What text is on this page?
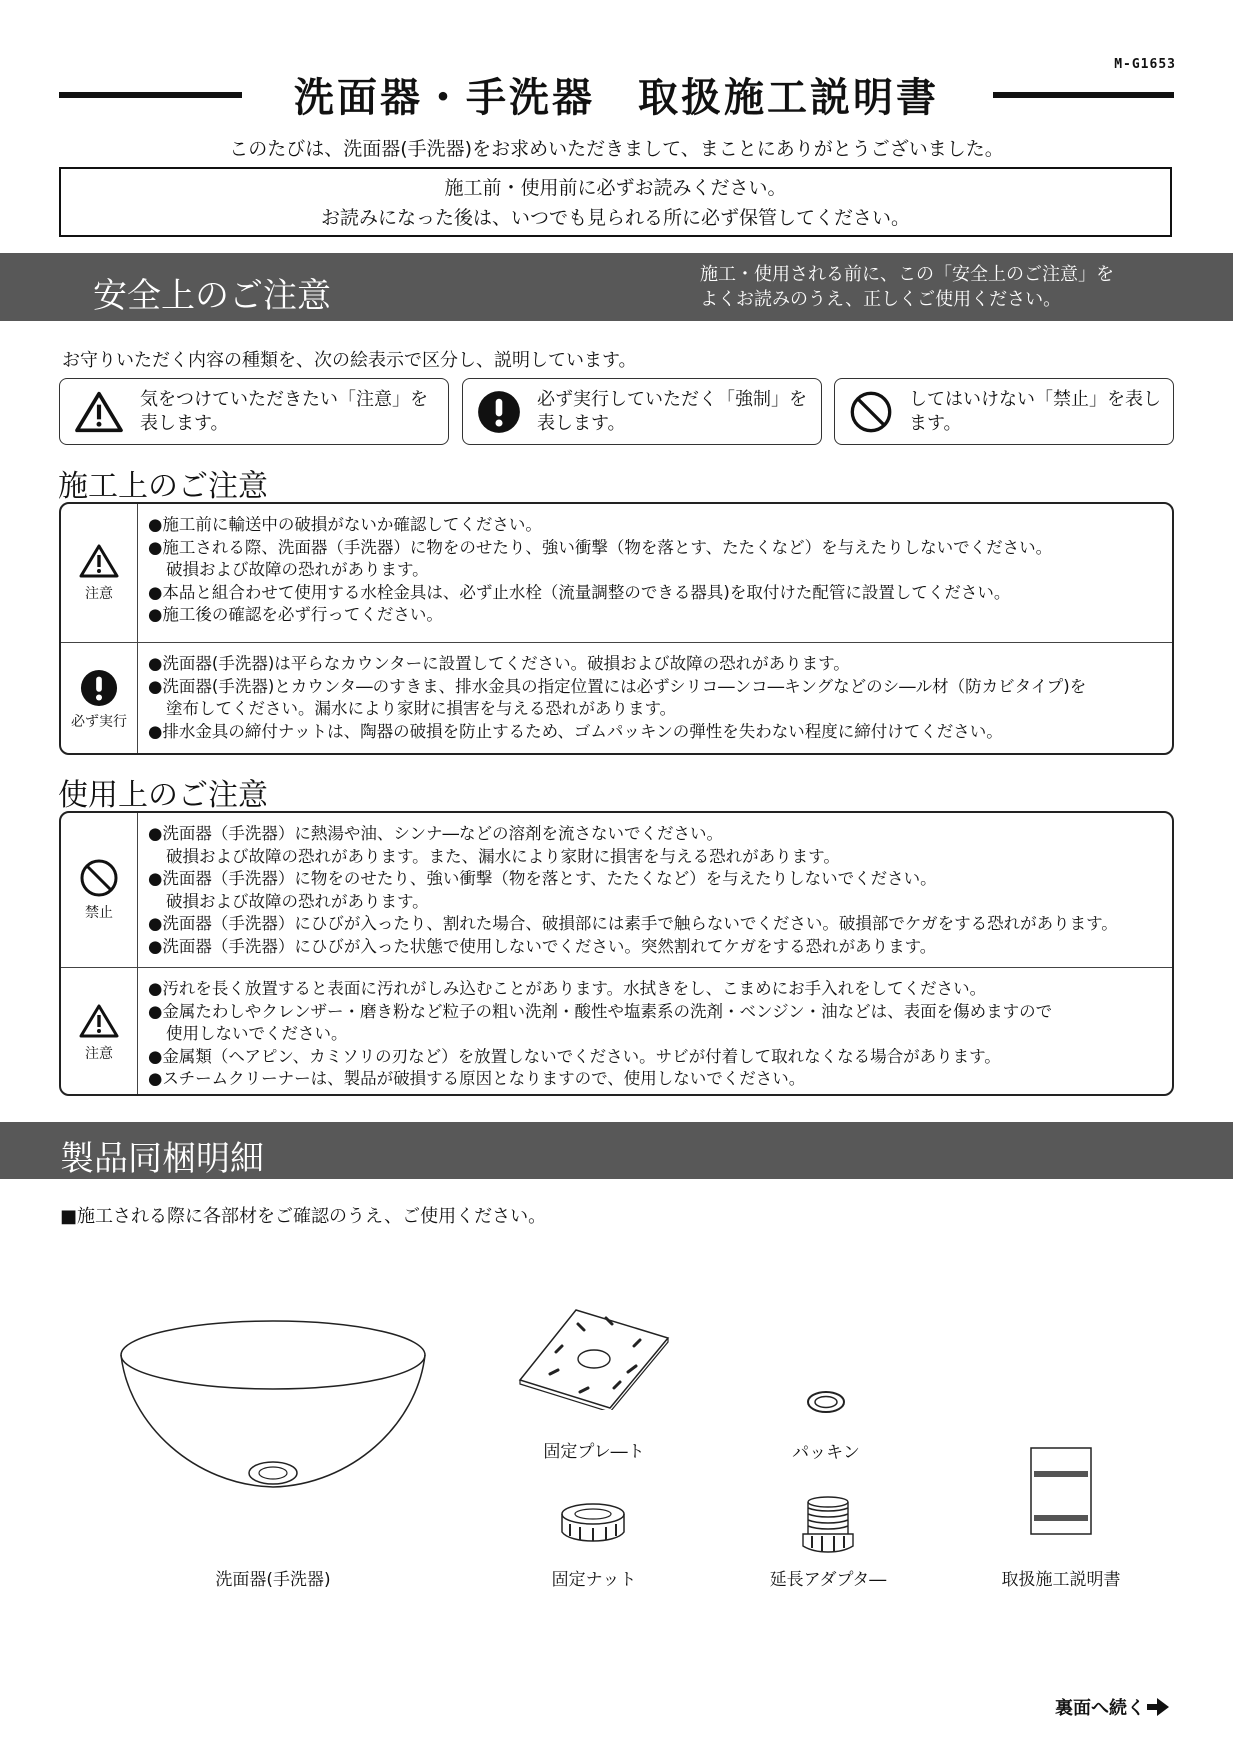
M-G1653
洗面器・手洗器　取扱施工説明書
このたびは、洗面器(手洗器)をお求めいただきまして、まことにありがとうございました。
施工前・使用前に必ずお読みください。
お読みになった後は、いつでも見られる所に必ず保管してください。
安全上のご注意
施工・使用される前に、この「安全上のご注意」を
よくお読みのうえ、正しくご使用ください。
お守りいただく内容の種類を、次の絵表示で区分し、説明しています。
気をつけていただきたい「注意」を
表します。
必ず実行していただく「強制」を
表します。
してはいけない「禁止」を表し
ます。
施工上のご注意
注意
●施工前に輸送中の破損がないか確認してください。
●施工される際、洗面器（手洗器）に物をのせたり、強い衝撃（物を落とす、たたくなど）を与えたりしないでください。
破損および故障の恐れがあります。
●本品と組合わせて使用する水栓金具は、必ず止水栓（流量調整のできる器具)を取付けた配管に設置してください。
●施工後の確認を必ず行ってください。
必ず実行
●洗面器(手洗器)は平らなカウンターに設置してください。破損および故障の恐れがあります。
●洗面器(手洗器)とカウンタ―のすきま、排水金具の指定位置には必ずシリコ―ンコ―キングなどのシ―ル材（防カビタイプ)を
塗布してください。漏水により家財に損害を与える恐れがあります。
●排水金具の締付ナットは、陶器の破損を防止するため、ゴムパッキンの弾性を失わない程度に締付けてください。
使用上のご注意
禁止
●洗面器（手洗器）に熱湯や油、シンナ―などの溶剤を流さないでください。
破損および故障の恐れがあります。また、漏水により家財に損害を与える恐れがあります。
●洗面器（手洗器）に物をのせたり、強い衝撃（物を落とす、たたくなど）を与えたりしないでください。
破損および故障の恐れがあります。
●洗面器（手洗器）にひびが入ったり、割れた場合、破損部には素手で触らないでください。破損部でケガをする恐れがあります。
●洗面器（手洗器）にひびが入った状態で使用しないでください。突然割れてケガをする恐れがあります。
注意
●汚れを長く放置すると表面に汚れがしみ込むことがあります。水拭きをし、こまめにお手入れをしてください。
●金属たわしやクレンザー・磨き粉など粒子の粗い洗剤・酸性や塩素系の洗剤・ベンジン・油などは、表面を傷めますので
使用しないでください。
●金属類（ヘアピン、カミソリの刃など）を放置しないでください。サビが付着して取れなくなる場合があります。
●スチームクリーナーは、製品が破損する原因となりますので、使用しないでください。
製品同梱明細
■施工される際に各部材をご確認のうえ、ご使用ください。
洗面器(手洗器)
固定プレ―ト	パッキン
固定ナット	延長アダプタ―	取扱施工説明書
裏面へ続く
